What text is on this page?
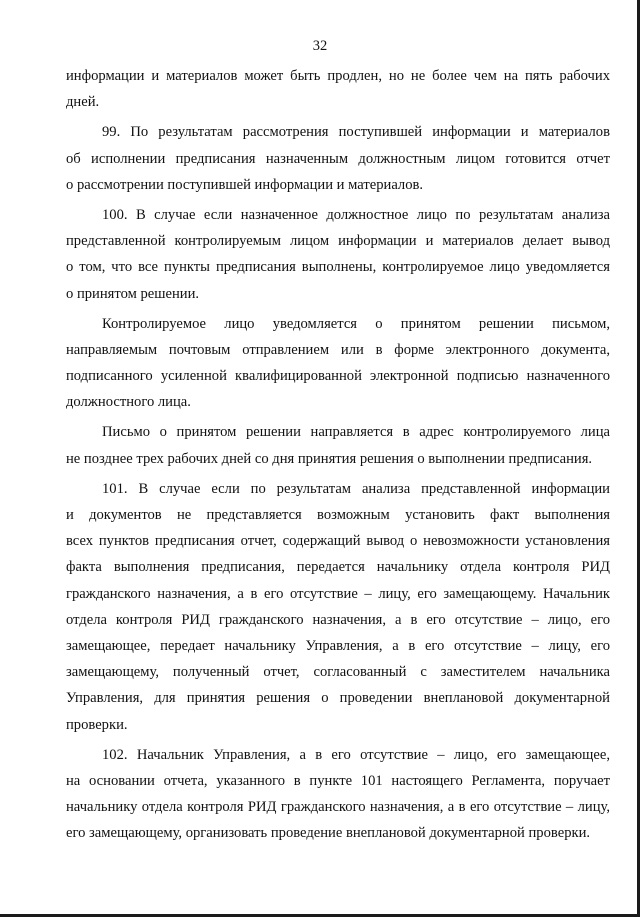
32

информации и материалов может быть продлен, но не более чем на пять рабочих
дней.

99. По результатам рассмотрения поступившей информации и материалов
об исполнении предписания назначенным должностным лицом готовится отчет
о рассмотрении поступившей информации и материалов.

100. В случае если назначенное должностное лицо по результатам анализа
представленной контролируемым лицом информации и материалов делает вывод
о том, что все пункты предписания выполнены, контролируемое лицо уведомляется
о принятом решении.

Контролируемое лицо уведомляется о принятом решении письмом,
направляемым почтовым отправлением или в форме электронного документа,
подписанного усиленной квалифицированной электронной подписью назначенного
должностного лица.

Письмо о принятом решении направляется в адрес контролируемого лица
не позднее трех рабочих дней со дня принятия решения о выполнении предписания.

101. В случае если по результатам анализа представленной информации
и документов не представляется возможным установить факт выполнения
всех пунктов предписания отчет, содержащий вывод о невозможности установления
факта выполнения предписания, передается начальнику отдела контроля РИД
гражданского назначения, а в его отсутствие – лицу, его замещающему. Начальник
отдела контроля РИД гражданского назначения, а в его отсутствие – лицо, его
замещающее, передает начальнику Управления, а в его отсутствие – лицу, его
замещающему, полученный отчет, согласованный с заместителем начальника
Управления, для принятия решения о проведении внеплановой документарной
проверки.

102. Начальник Управления, а в его отсутствие – лицо, его замещающее,
на основании отчета, указанного в пункте 101 настоящего Регламента, поручает
начальнику отдела контроля РИД гражданского назначения, а в его отсутствие – лицу,
его замещающему, организовать проведение внеплановой документарной проверки.
